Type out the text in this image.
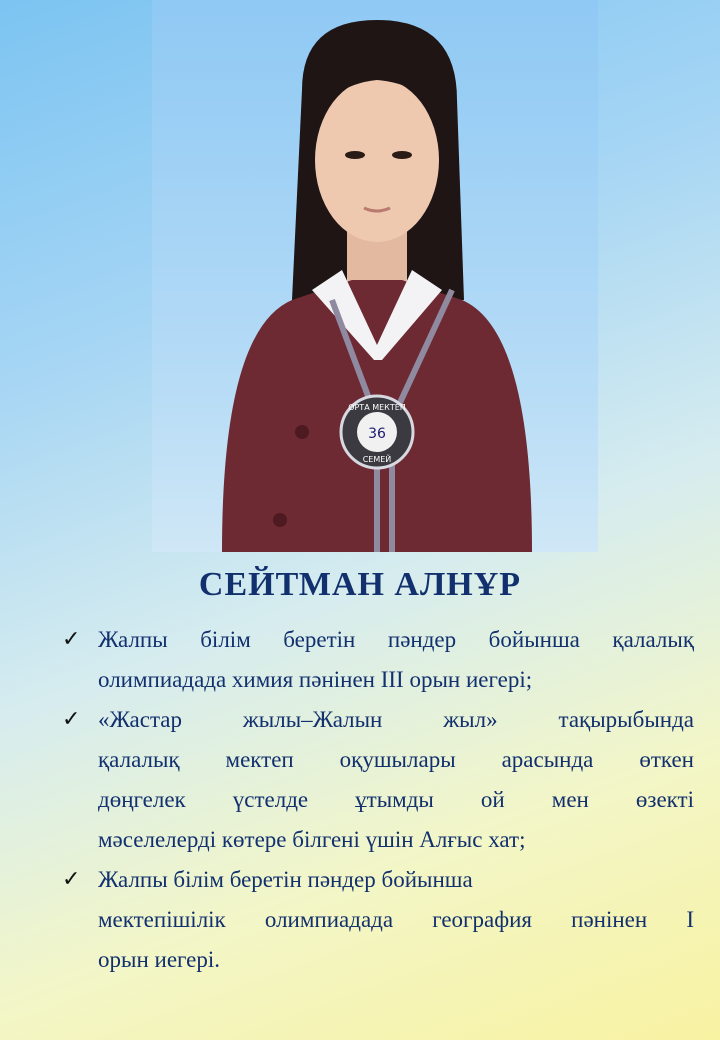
ОРТА МЕКТЕП
36
СЕМЕЙ
СЕЙТМАН АЛНҰР
✓ Жалпы білім беретін пәндер бойынша қалалық
олимпиадада химия пәнінен ІІІ орын иегері;
✓ «Жастар жылы–Жалын жыл» тақырыбында
қалалық мектеп оқушылары арасында өткен
дөңгелек үстелде ұтымды ой мен өзекті
мәселелерді көтере білгені үшін Алғыс хат;
✓ Жалпы білім беретін пәндер бойынша
мектепішілік олимпиадада география пәнінен І
орын иегері.
